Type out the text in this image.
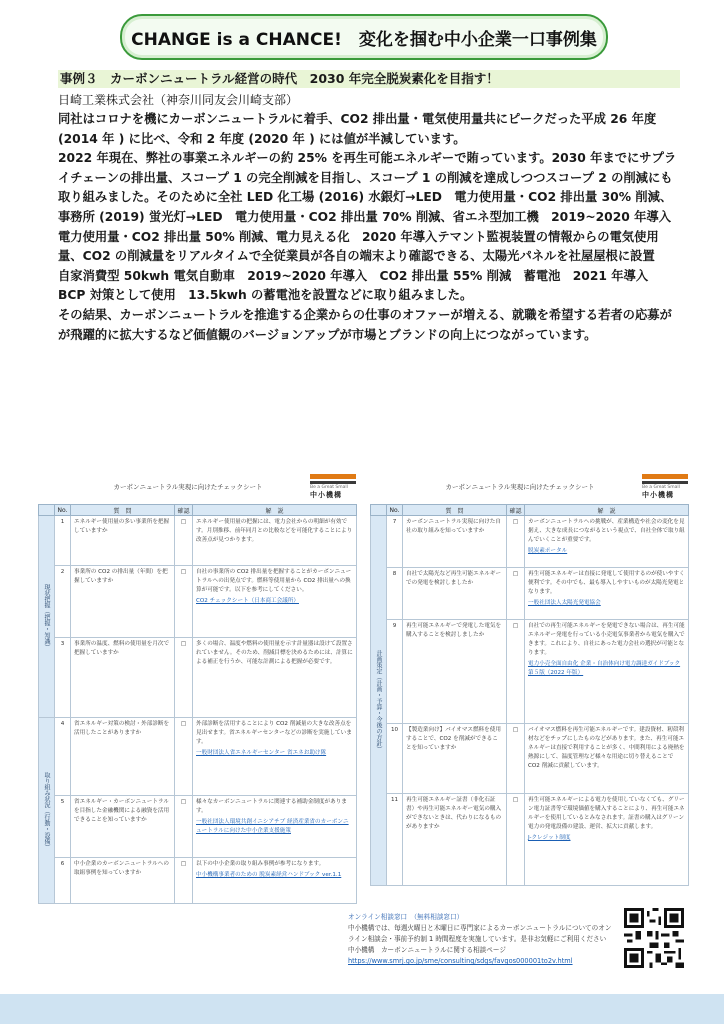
CHANGE is a CHANCE!　変化を掴む中小企業一口事例集
事例３　カーボンニュートラル経営の時代　2030 年完全脱炭素化を目指す！
日崎工業株式会社（神奈川同友会川崎支部）

同社はコロナを機にカーボンニュートラルに着手、CO2 排出量・電気使用量共にピークだった平成 26 年度 (2014 年 ) に比べ、令和 2 年度 (2020 年 ) には値が半減しています。

2022 年現在、弊社の事業エネルギーの約 25% を再生可能エネルギーで賄っています。2030 年までにサプライチェーンの排出量、スコープ 1 の完全削減を目指し、スコープ 1 の削減を達成しつつスコープ 2 の削減にも取り組みました。そのために全社 LED 化工場 (2016) 水銀灯→LED　電力使用量・CO2 排出量 30% 削減、事務所 (2019) 蛍光灯→LED　電力使用量・CO2 排出量 70% 削減、省エネ型加工機　2019~2020 年導入電力使用量・CO2 排出量 50% 削減、電力見える化　2020 年導入テマント監視装置の情報からの電気使用量、CO2 の削減量をリアルタイムで全従業員が各自の端末より確認できる、太陽光パネルを社屋屋根に設置　自家消費型 50kwh 電気自動車　2019~2020 年導入　CO2 排出量 55% 削減　蓄電池　2021 年導入　BCP 対策として使用　13.5kwh の蓄電池を設置などに取り組みました。

その結果、カーボンニュートラルを推進する企業からの仕事のオファーが増える、就職を希望する若者の応募が

が飛躍的に拡大するなど価値観のバージョンアップが市場とブランドの向上につながっています。

カーボンニュートラル実現に向けたチェックシート	Be a Great Small
中小機構
	No.	質　問	確認	解　説
現状把握（把握・知識）	1	エネルギー使用量の多い事業所を把握していますか	□	エネルギー使用量の把握には、電力会社からの明細が有効です。月別推移、前年同月との比較などを可能化することにより改善点が見つかります。
	2	事業所の CO2 の排出量（年間）を把握していますか	□	自社の事業所の CO2 排出量を把握することがカーボンニュートラルへの出発点です。燃料等使用量から CO2 排出量への換算が可能です。以下を参考にしてください。
CO2 チェックシート（日本商工会議所）

	3	事業所の温度、燃料の使用量を月次で把握していますか	□	多くの場合、温度や燃料の使用量を示す計量器は設けて設置されていません。そのため、削減目標を決めるためには、計算による補正を行うか、可能な計測による把握が必要です。
取り組み状況（行動・設備）	4	省エネルギー対策の検討・外部診断を活用したことがありますか	□	外部診断を活用することにより CO2 削減量の大きな改善点を見出せます。省エネルギーセンターなどの診断を実施しています。
一般財団法人省エネルギーセンター 省エネお助け隊

	5	省エネルギー・カーボンニュートラルを目指した金融機関による融資を活用できることを知っていますか	□	様々なカーボンニュートラルに関連する補助金制度があります。
一般社団法人環境共創イニシアチブ 経済産業省のカーボンニュートラルに向けた中小企業支援施策

	6	中小企業のカーボンニュートラルへの取組事例を知っていますか	□	以下の中小企業の取り組み事例が参考になります。
中小機構事業者のための 脱炭素経営ハンドブック ver.1.1
カーボンニュートラル実現に向けたチェックシート	Be a Great Small
中小機構
	No.	質　問	確認	解　説
計画策定（計画・予算・今後の方針）	7	カーボンニュートラル実現に向けた自社の取り組みを知っていますか	□	カーボンニュートラルへの挑戦が、産業構造や社会の変化を見据え、大きな成長につながるという視点で、自社全体で取り組んでいくことが重要です。
脱炭素ポータル

	8	自社で太陽光など再生可能エネルギーでの発電を検討しましたか	□	再生可能エネルギーは直接に発電して使用するのが使いやすく便利です。その中でも、最も導入しやすいものが太陽光発電となります。
一般社団法人太陽光発電協会

	9	再生可能エネルギーで発電した電気を購入することを検討しましたか	□	自社での再生可能エネルギーを発電できない場合は、再生可能エネルギー発電を行っている小売電気事業者から電気を購入できます。これにより、自社にあった電力会社の選択が可能となります。
電力小売全面自由化 企業・自治体向け電力調達ガイドブック第５版（2022 年版）

	10	【製造業向け】バイオマス燃料を使用することで、CO2 を削減ができることを知っていますか	□	バイオマス燃料を再生可能エネルギーです。建設資材、籾殻利材などをチップにしたものなどがあります。また、再生可能エネルギーは直接で利用することが多く、中間利用による廃熱を熱源にして、温度管理など様々な用途に切り替えることで CO2 削減に貢献しています。
	11	再生可能エネルギー証書（非化石証書）や再生可能エネルギー電気の購入ができないときは、代わりになるものがありますか	□	再生可能エネルギーによる電力を使用していなくても、グリーン電力証書等で環境価値を購入することにより、再生可能エネルギーを使用しているとみなされます。証書の購入はグリーン電力の発電設備の建設、運営、拡大に貢献します。
J-クレジット制度
オンライン相談窓口　（無料相談窓口）
中小機構では、毎週火曜日と木曜日に専門家によるカーボンニュートラルについてのオンライン相談会・事前予約制 1 時間程度を実施しています。是非お気軽にご利用ください
中小機構　カーボンニュートラルに関する相談ページ
https://www.smrj.go.jp/sme/consulting/sdgs/favgos000001to2v.html
